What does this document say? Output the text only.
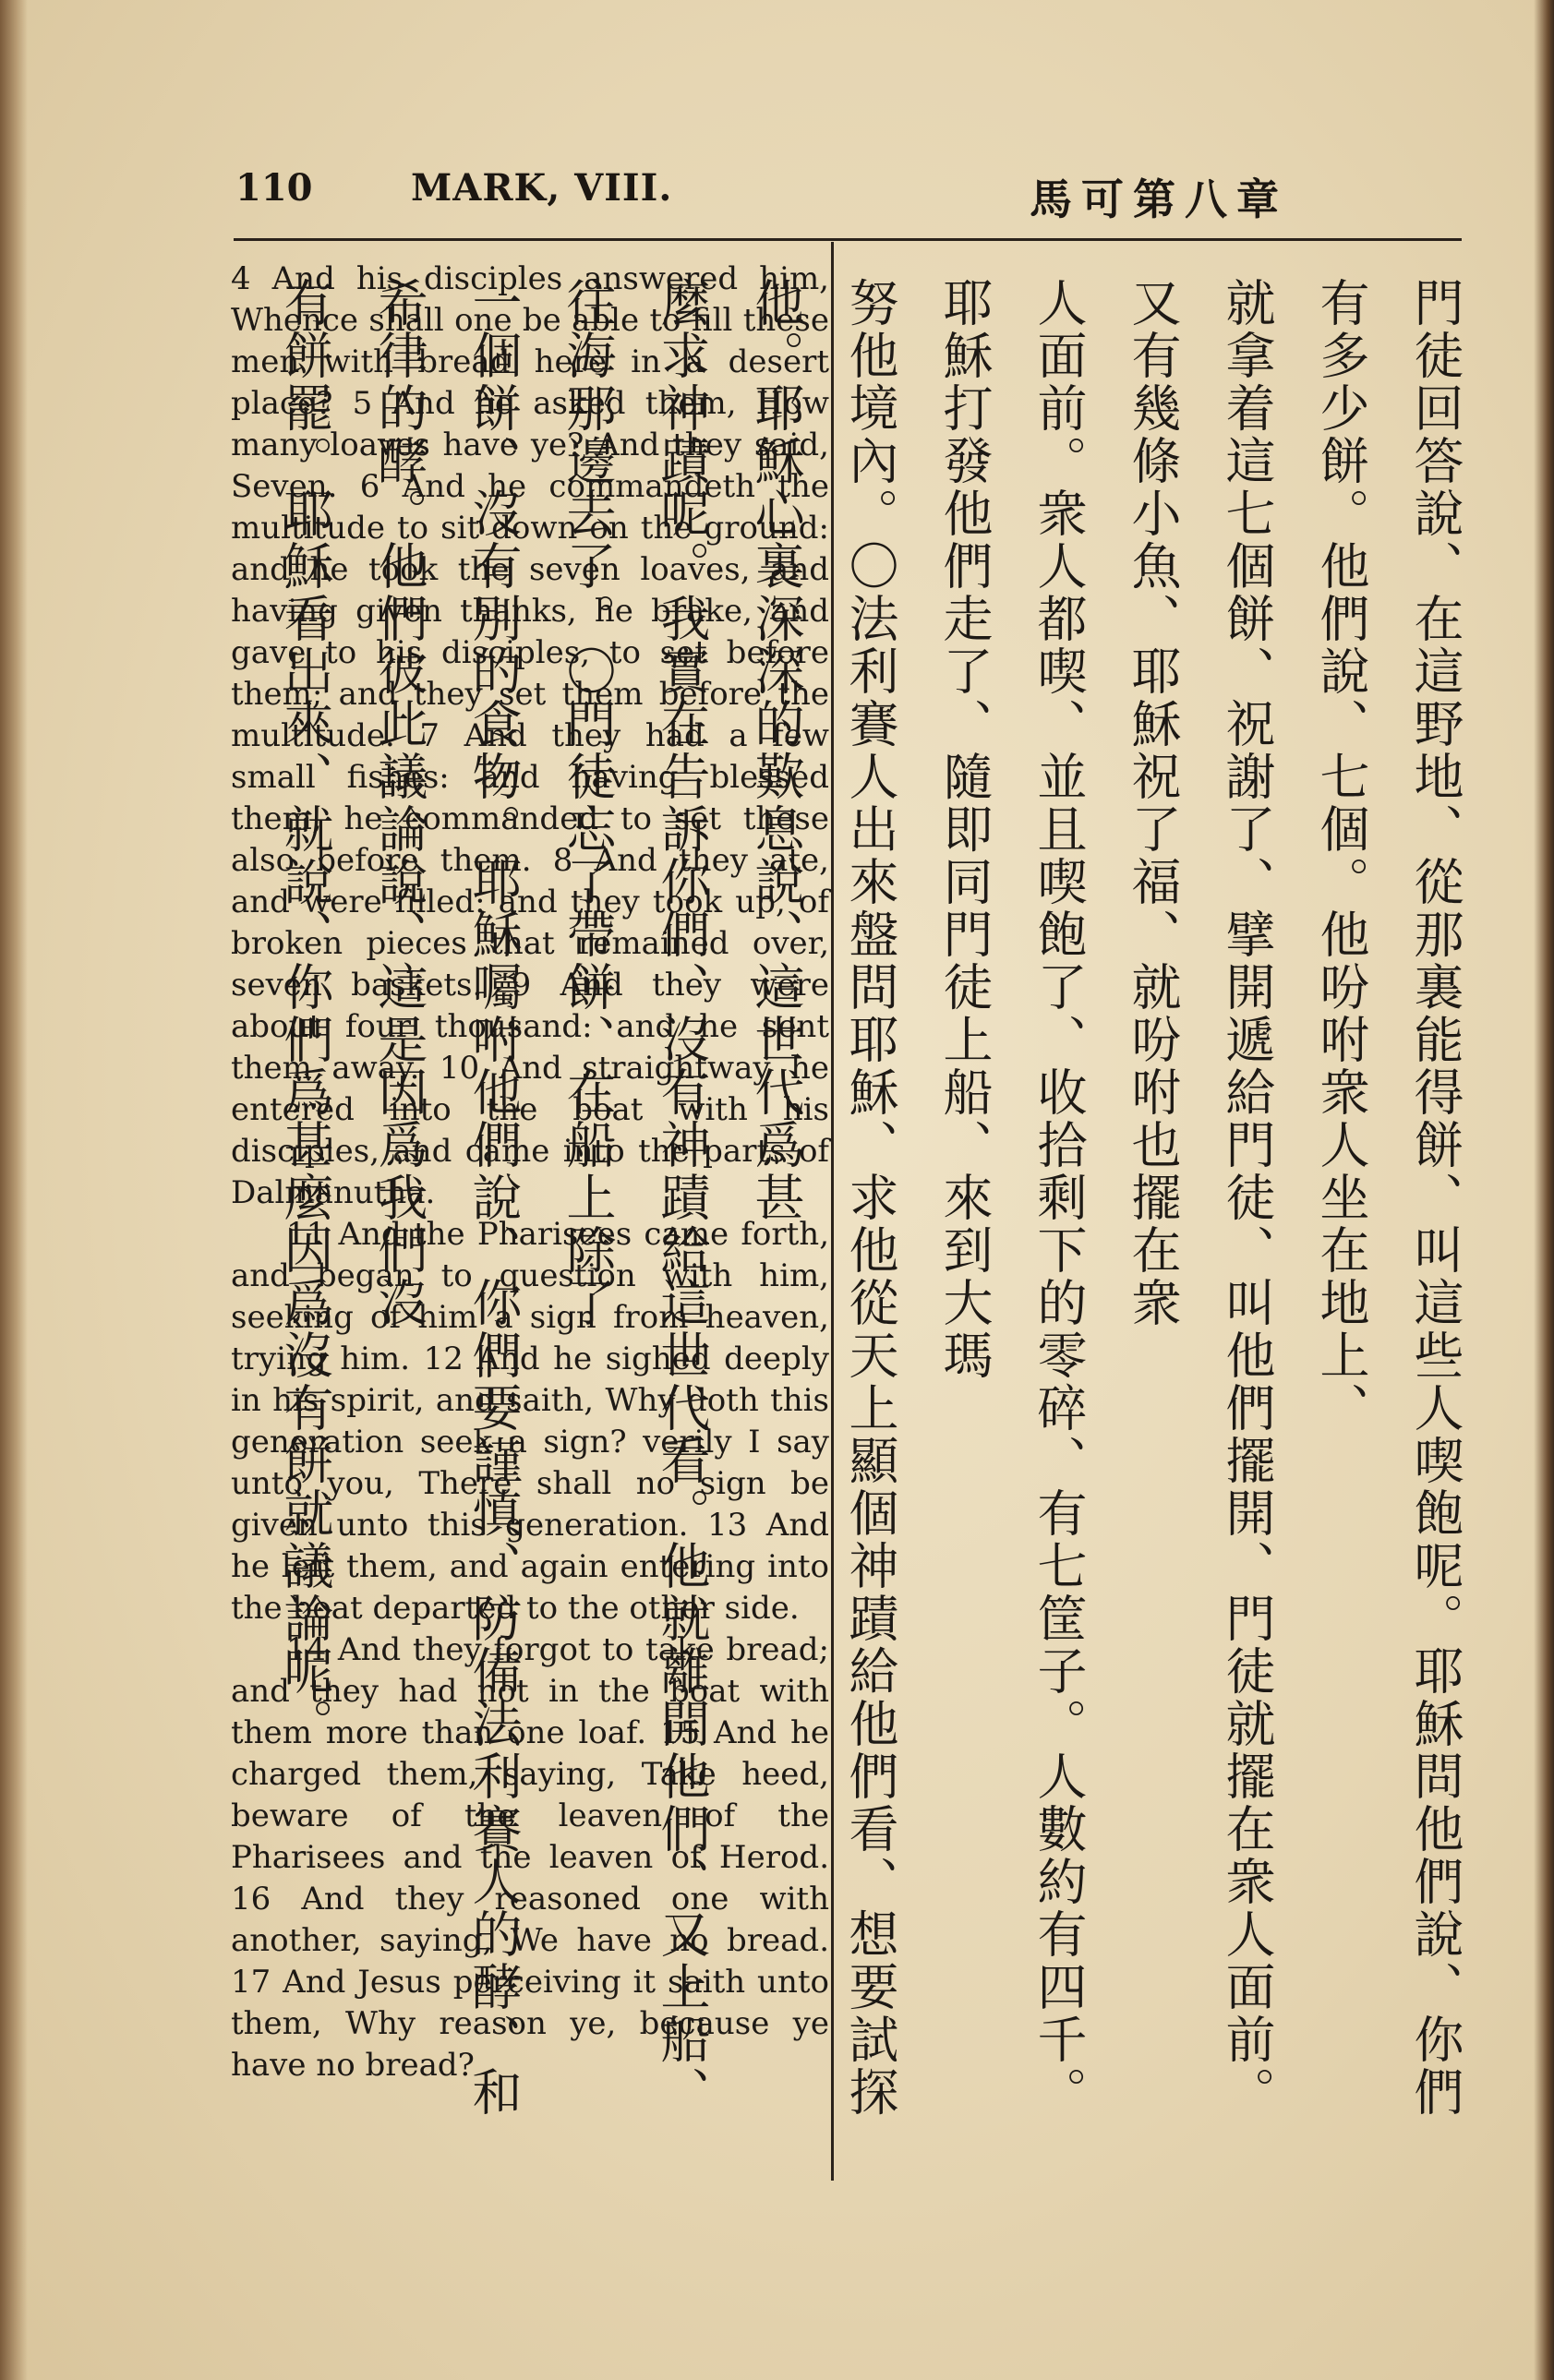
110	MARK, VIII.	馬可第八章

4 And his disciples answered him, Whence shall one be able to fill these men with bread here in a desert place? 5 And he asked them, How many loaves have ye? And they said, Seven. 6 And he commandeth the multitude to sit down on the ground: and he took the seven loaves, and having given thanks, he brake, and gave to his disciples, to set before them; and they set them before the multitude. 7 And they had a few small fishes: and having blessed them, he commanded to set these also before them. 8 And they ate, and were filled: and they took up, of broken pieces that remained over, seven baskets. 9 And they were about four thousand: and he sent them away. 10 And straightway he entered into the boat with his disciples, and came into the parts of Dalmanutha.

11 And the Pharisees came forth, and began to question with him, seeking of him a sign from heaven, trying him. 12 And he sighed deeply in his spirit, and saith, Why doth this generation seek a sign? verily I say unto you, There shall no sign be given unto this generation. 13 And he left them, and again entering into the boat departed to the other side.

14 And they forgot to take bread; and they had not in the boat with them more than one loaf. 15 And he charged them, saying, Take heed, beware of the leaven of the Pharisees and the leaven of Herod. 16 And they reasoned one with another, saying, We have no bread. 17 And Jesus perceiving it saith unto them, Why reason ye, because ye have no bread?	門徒回答說、在這野地、從那裏能得餅、叫這些人喫飽呢。耶穌問他們說、你們有多少餅。他們說、七個。他吩咐衆人坐在地上、
就拿着這七個餅、祝謝了、擘開遞給門徒、叫他們擺開、門徒就擺在衆人面前。又有幾條小魚、耶穌祝了福、就吩咐也擺在衆
人面前。衆人都喫、並且喫飽了、收拾剩下的零碎、有七筐子。人數約有四千。耶穌打發他們走了、隨即同門徒上船、來到大瑪
努他境內。〇法利賽人出來盤問耶穌、求他從天上顯個神蹟給他們看、想要試探他。耶穌心裏深深的歎息說、這世代爲甚
麼求神蹟呢。我實在告訴你們、沒有神蹟給這世代看。他就離開他們、又上船、往海那邊去了。〇門徒忘了帶餅、在船上除了
一個餅、沒有別的食物。耶穌囑咐他們說、你們要謹慎、防備法利賽人的酵、和希律的酵。他們彼此議論說、這是因爲我們沒
有餅罷。耶穌看出來、就說、你們爲甚麼因爲沒有餅就議論呢。
